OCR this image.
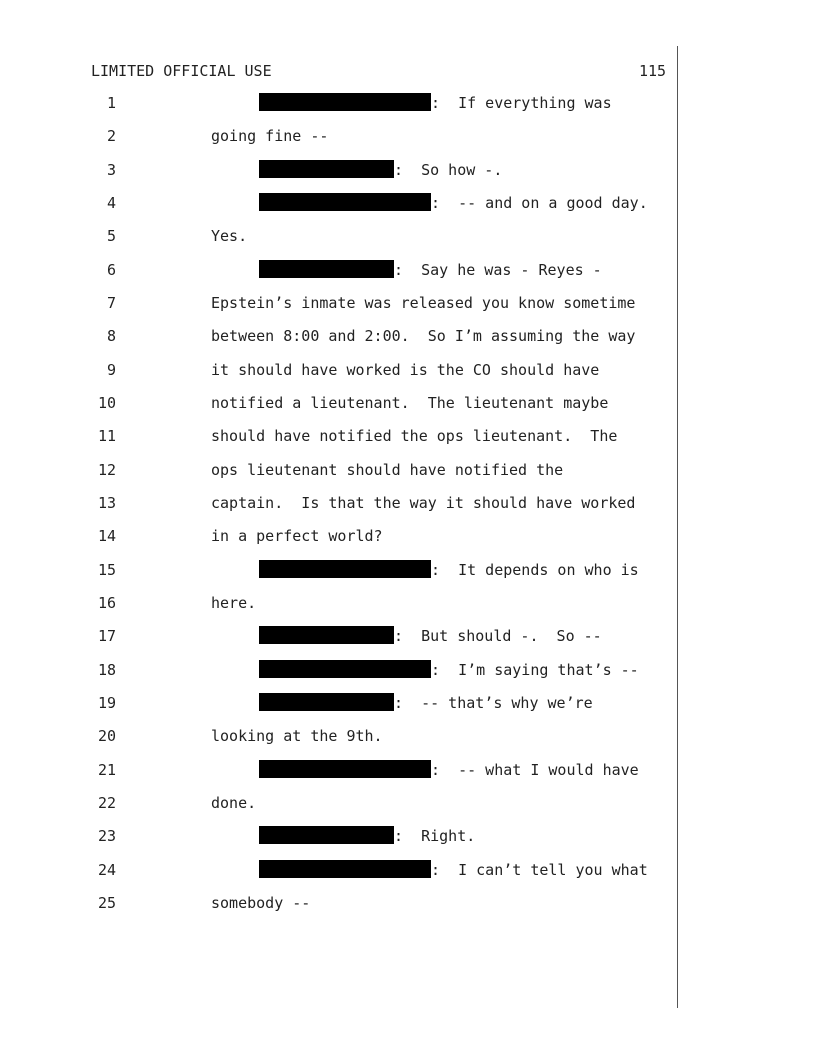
LIMITED OFFICIAL USE	115
1	:  If everything was
2	going fine --
3	:  So how -.
4	:  -- and on a good day.
5	Yes.
6	:  Say he was - Reyes -
7	Epstein’s inmate was released you know sometime
8	between 8:00 and 2:00.  So I’m assuming the way
9	it should have worked is the CO should have
10	notified a lieutenant.  The lieutenant maybe
11	should have notified the ops lieutenant.  The
12	ops lieutenant should have notified the
13	captain.  Is that the way it should have worked
14	in a perfect world?
15	:  It depends on who is
16	here.
17	:  But should -.  So --
18	:  I’m saying that’s --
19	:  -- that’s why we’re
20	looking at the 9th.
21	:  -- what I would have
22	done.
23	:  Right.
24	:  I can’t tell you what
25	somebody --
